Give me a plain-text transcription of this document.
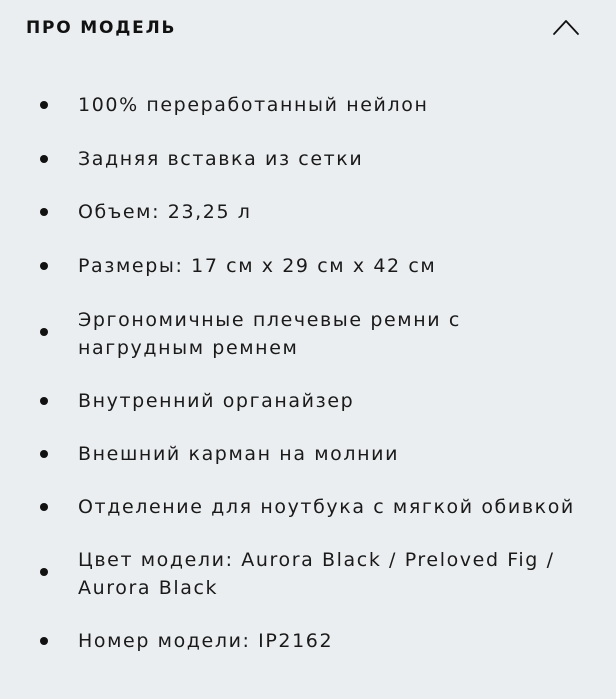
ПРО МОДЕЛЬ
100% переработанный нейлон
Задняя вставка из сетки
Объем: 23,25 л
Размеры: 17 см x 29 см x 42 см
Эргономичные плечевые ремни с
нагрудным ремнем
Внутренний органайзер
Внешний карман на молнии
Отделение для ноутбука с мягкой обивкой
Цвет модели: Aurora Black / Preloved Fig /
Aurora Black
Номер модели: IP2162
